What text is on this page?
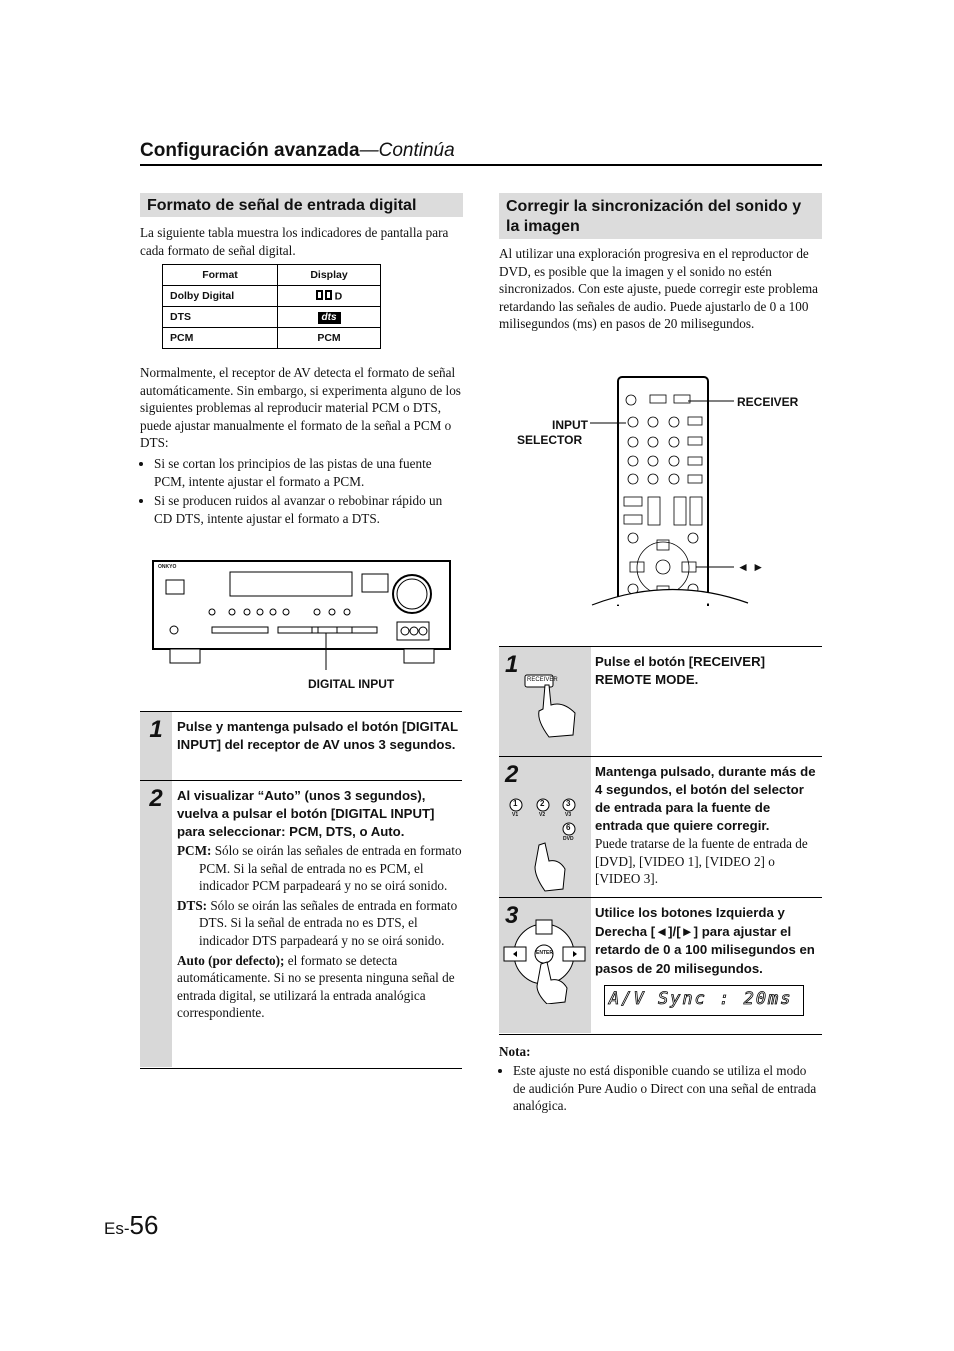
Configuración avanzada—Continúa
Formato de señal de entrada digital
La siguiente tabla muestra los indicadores de pantalla para cada formato de señal digital.
Format	Display
Dolby Digital	D
DTS	dts
PCM	PCM
Normalmente, el receptor de AV detecta el formato de señal automáticamente. Sin embargo, si experimenta alguno de los siguientes problemas al reproducir material PCM o DTS, puede ajustar manualmente el formato de la señal a PCM o DTS:
• Si se cortan los principios de las pistas de una fuente PCM, intente ajustar el formato a PCM.
• Si se producen ruidos al avanzar o rebobinar rápido un CD DTS, intente ajustar el formato a DTS.
ONKYO
DIGITAL INPUT
1	Pulse y mantenga pulsado el botón [DIGITAL INPUT] del receptor de AV unos 3 segundos.
2	Al visualizar “Auto” (unos 3 segundos), vuelva a pulsar el botón [DIGITAL INPUT] para seleccionar: PCM, DTS, o Auto.
PCM: Sólo se oirán las señales de entrada en formato PCM. Si la señal de entrada no es PCM, el indicador PCM parpadeará y no se oirá sonido.
DTS: Sólo se oirán las señales de entrada en formato DTS. Si la señal de entrada no es DTS, el indicador DTS parpadeará y no se oirá sonido.
Auto (por defecto); el formato se detecta automáticamente. Si no se presenta ninguna señal de entrada digital, se utilizará la entrada analógica correspondiente.
Corregir la sincronización del sonido y la imagen
Al utilizar una exploración progresiva en el reproductor de DVD, es posible que la imagen y el sonido no estén sincronizados. Con este ajuste, puede corregir este problema retardando las señales de audio. Puede ajustarlo de 0 a 100 milisegundos (ms) en pasos de 20 milisegundos.
RECEIVER
INPUT
SELECTOR
◄ ►
1
RECEIVER
Pulse el botón [RECEIVER] REMOTE MODE.
2
1	2	3
6
V1	V2	V3
DVD
Mantenga pulsado, durante más de 4 segundos, el botón del selector de entrada para la fuente de entrada que quiere corregir.
Puede tratarse de la fuente de entrada de [DVD], [VIDEO 1], [VIDEO 2] o [VIDEO 3].
3
ENTER
Utilice los botones Izquierda y Derecha [◄]/[►] para ajustar el retardo de 0 a 100 milisegundos en pasos de 20 milisegundos.
A/V Sync : 20ms
Nota:
• Este ajuste no está disponible cuando se utiliza el modo de audición Pure Audio o Direct con una señal de entrada analógica.
Es-56
